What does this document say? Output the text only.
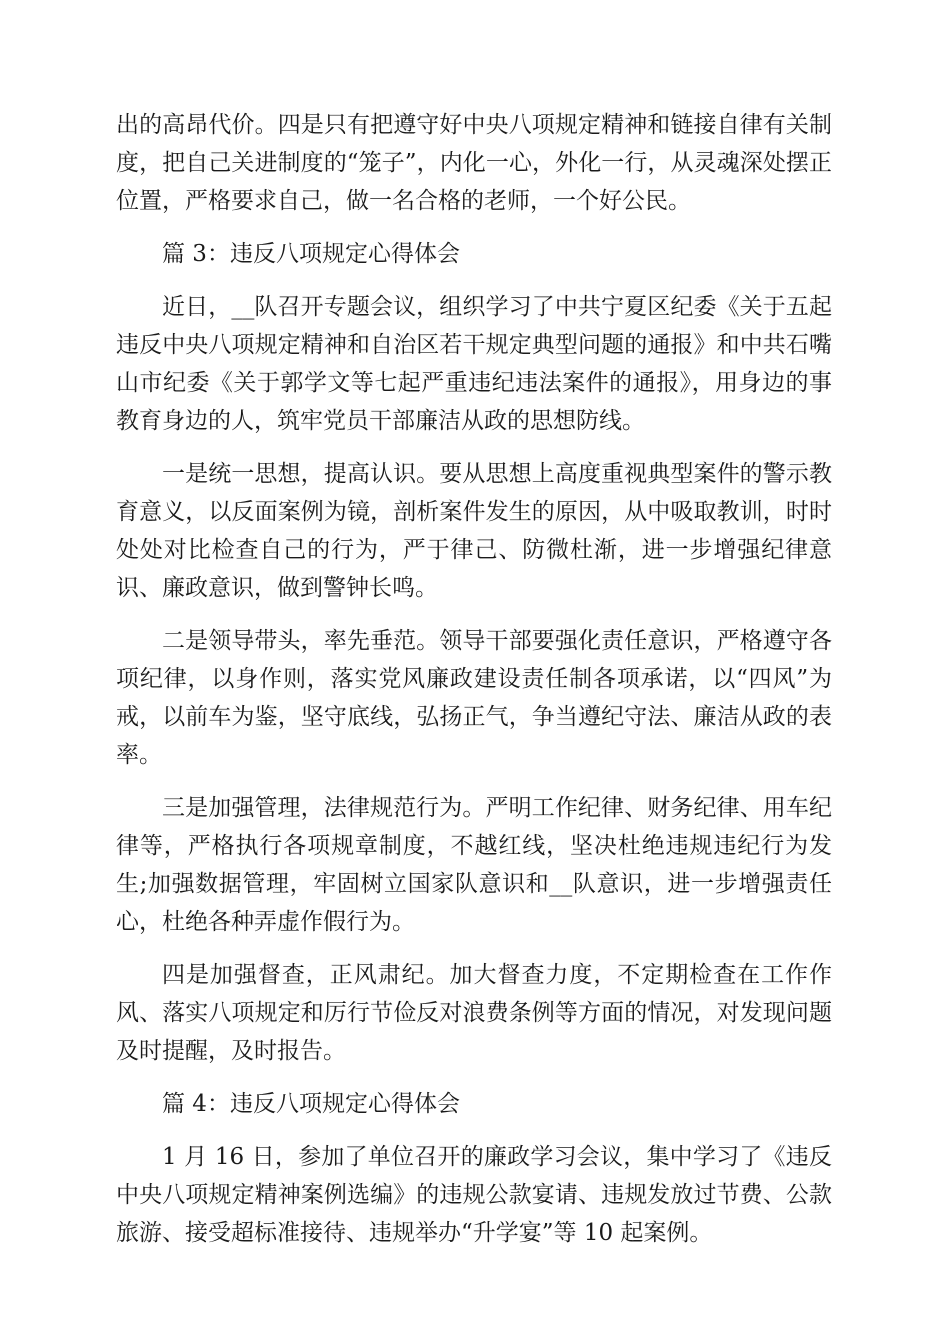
出的高昂代价。四是只有把遵守好中央八项规定精神和链接自律有关制度，把自己关进制度的“笼子”，内化一心，外化一行，从灵魂深处摆正位置，严格要求自己，做一名合格的老师，一个好公民。

篇 3：违反八项规定心得体会

近日，__队召开专题会议，组织学习了中共宁夏区纪委《关于五起违反中央八项规定精神和自治区若干规定典型问题的通报》和中共石嘴山市纪委《关于郭学文等七起严重违纪违法案件的通报》，用身边的事教育身边的人，筑牢党员干部廉洁从政的思想防线。

一是统一思想，提高认识。要从思想上高度重视典型案件的警示教育意义，以反面案例为镜，剖析案件发生的原因，从中吸取教训，时时处处对比检查自己的行为，严于律己、防微杜渐，进一步增强纪律意识、廉政意识，做到警钟长鸣。

二是领导带头，率先垂范。领导干部要强化责任意识，严格遵守各项纪律，以身作则，落实党风廉政建设责任制各项承诺，以“四风”为戒，以前车为鉴，坚守底线，弘扬正气，争当遵纪守法、廉洁从政的表率。

三是加强管理，法律规范行为。严明工作纪律、财务纪律、用车纪律等，严格执行各项规章制度，不越红线，坚决杜绝违规违纪行为发生;加强数据管理，牢固树立国家队意识和__队意识，进一步增强责任心，杜绝各种弄虚作假行为。

四是加强督查，正风肃纪。加大督查力度，不定期检查在工作作风、落实八项规定和厉行节俭反对浪费条例等方面的情况，对发现问题及时提醒，及时报告。

篇 4：违反八项规定心得体会

1 月 16 日，参加了单位召开的廉政学习会议，集中学习了《违反中央八项规定精神案例选编》的违规公款宴请、违规发放过节费、公款旅游、接受超标准接待、违规举办“升学宴”等 10 起案例。
